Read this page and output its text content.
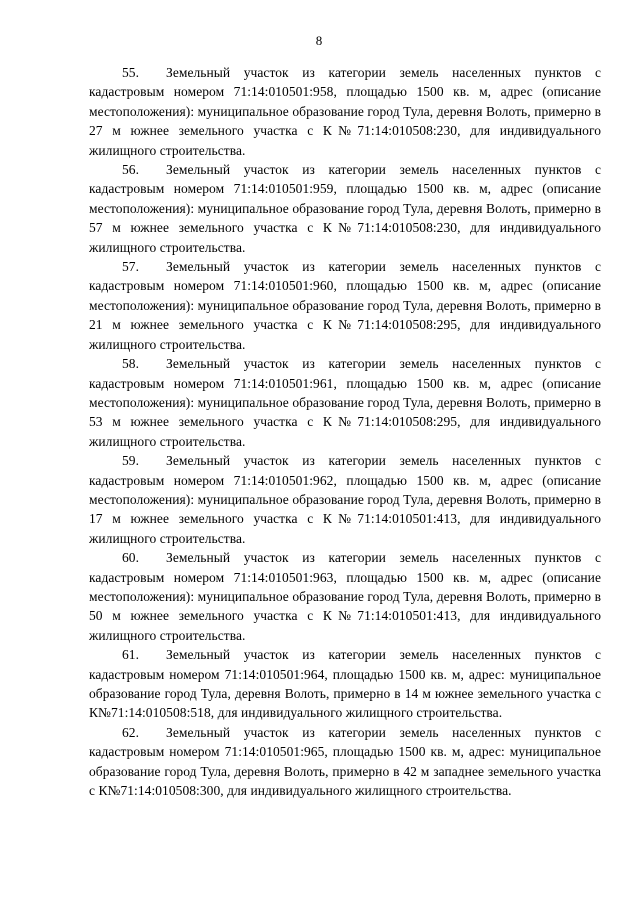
8

55. Земельный участок из категории земель населенных пунктов с кадастровым номером 71:14:010501:958, площадью 1500 кв. м, адрес (описание местоположения): муниципальное образование город Тула, деревня Волоть, примерно в 27 м южнее земельного участка с К№71:14:010508:230, для индивидуального жилищного строительства.

56. Земельный участок из категории земель населенных пунктов с кадастровым номером 71:14:010501:959, площадью 1500 кв. м, адрес (описание местоположения): муниципальное образование город Тула, деревня Волоть, примерно в 57 м южнее земельного участка с К№71:14:010508:230, для индивидуального жилищного строительства.

57. Земельный участок из категории земель населенных пунктов с кадастровым номером 71:14:010501:960, площадью 1500 кв. м, адрес (описание местоположения): муниципальное образование город Тула, деревня Волоть, примерно в 21 м южнее земельного участка с К№71:14:010508:295, для индивидуального жилищного строительства.

58. Земельный участок из категории земель населенных пунктов с кадастровым номером 71:14:010501:961, площадью 1500 кв. м, адрес (описание местоположения): муниципальное образование город Тула, деревня Волоть, примерно в 53 м южнее земельного участка с К№71:14:010508:295, для индивидуального жилищного строительства.

59. Земельный участок из категории земель населенных пунктов с кадастровым номером 71:14:010501:962, площадью 1500 кв. м, адрес (описание местоположения): муниципальное образование город Тула, деревня Волоть, примерно в 17 м южнее земельного участка с К№71:14:010501:413, для индивидуального жилищного строительства.

60. Земельный участок из категории земель населенных пунктов с кадастровым номером 71:14:010501:963, площадью 1500 кв. м, адрес (описание местоположения): муниципальное образование город Тула, деревня Волоть, примерно в 50 м южнее земельного участка с К№71:14:010501:413, для индивидуального жилищного строительства.

61. Земельный участок из категории земель населенных пунктов с кадастровым номером 71:14:010501:964, площадью 1500 кв. м, адрес: муниципальное образование город Тула, деревня Волоть, примерно в 14 м южнее земельного участка с К№71:14:010508:518, для индивидуального жилищного строительства.

62. Земельный участок из категории земель населенных пунктов с кадастровым номером 71:14:010501:965, площадью 1500 кв. м, адрес: муниципальное образование город Тула, деревня Волоть, примерно в 42 м западнее земельного участка с К№71:14:010508:300, для индивидуального жилищного строительства.
